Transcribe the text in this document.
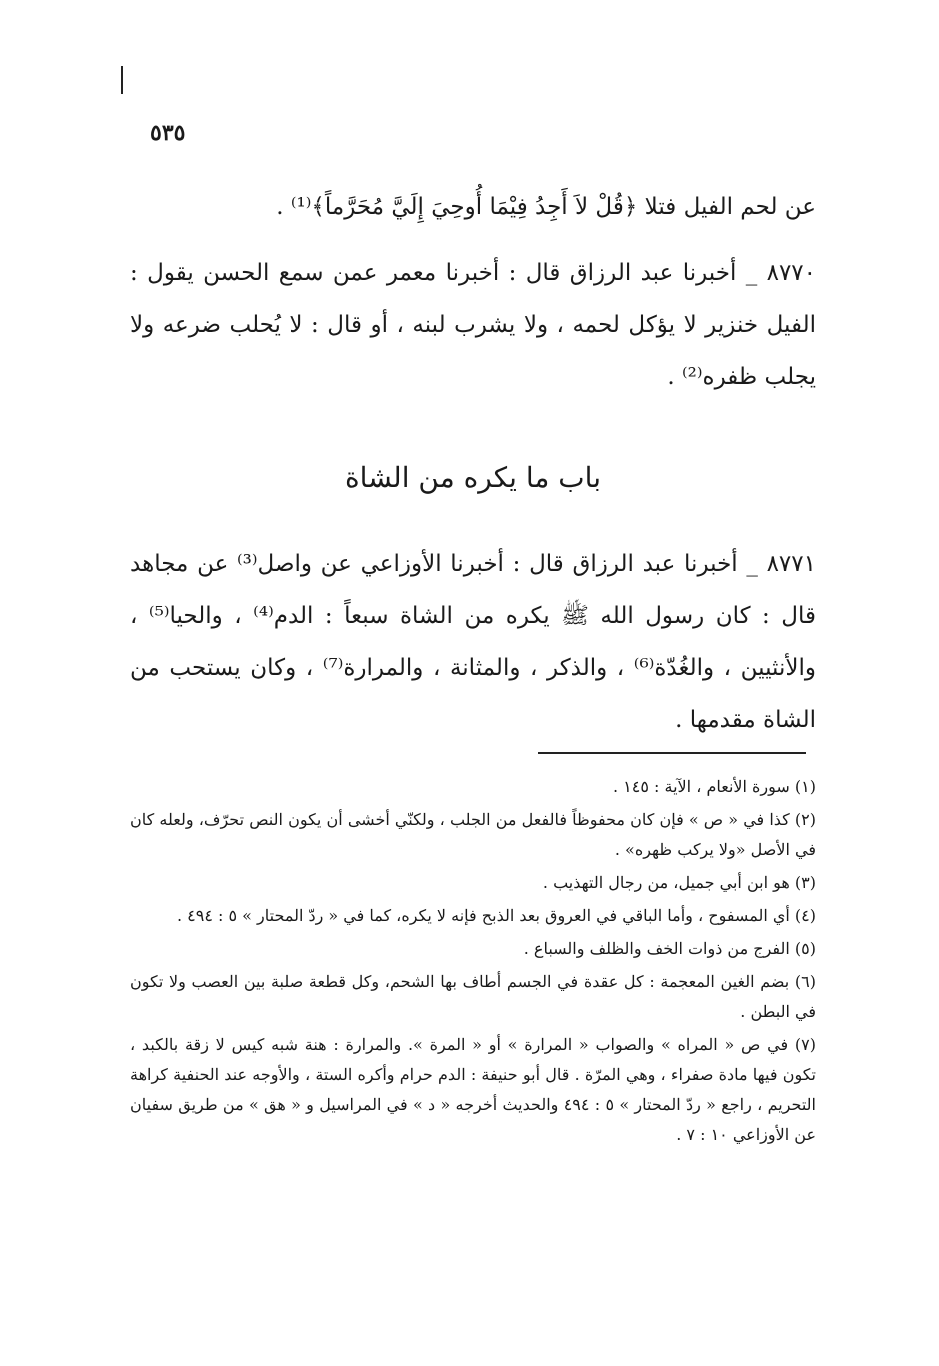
٥٣٥

عن لحم الفيل فتلا ﴿قُلْ لاَ أَجِدُ فِيْمَا أُوحِيَ إِلَيَّ مُحَرَّماً﴾⁽¹⁾ .

٨٧٧٠ _ أخبرنا عبد الرزاق قال : أخبرنا معمر عمن سمع الحسن يقول : الفيل خنزير لا يؤكل لحمه ، ولا يشرب لبنه ، أو قال : لا يُحلب ضرعه ولا يجلب ظفره⁽²⁾ .

باب ما يكره من الشاة

٨٧٧١ _ أخبرنا عبد الرزاق قال : أخبرنا الأوزاعي عن واصل⁽³⁾ عن مجاهد قال : كان رسول الله ﷺ يكره من الشاة سبعاً : الدم⁽⁴⁾ ، والحيا⁽⁵⁾ ، والأنثيين ، والغُدّة⁽⁶⁾ ، والذكر ، والمثانة ، والمرارة⁽⁷⁾ ، وكان يستحب من الشاة مقدمها .

(١) سورة الأنعام ، الآية : ١٤٥ .

(٢) كذا في « ص » فإن كان محفوظاً فالفعل من الجلب ، ولكنّي أخشى أن يكون النص تحرّف، ولعله كان في الأصل «ولا يركب ظهره» .

(٣) هو ابن أبي جميل، من رجال التهذيب .

(٤) أي المسفوح ، وأما الباقي في العروق بعد الذبح فإنه لا يكره، كما في « ردّ المحتار » ٥ : ٤٩٤ .

(٥) الفرج من ذوات الخف والظلف والسباع .

(٦) بضم الغين المعجمة : كل عقدة في الجسم أطاف بها الشحم، وكل قطعة صلبة بين العصب ولا تكون في البطن .

(٧) في ص « المراه » والصواب « المرارة » أو « المرة ». والمرارة : هنة شبه كيس لا زقة بالكبد ، تكون فيها مادة صفراء ، وهي المرّة . قال أبو حنيفة : الدم حرام وأكره الستة ، والأوجه عند الحنفية كراهة التحريم ، راجع « ردّ المحتار » ٥ : ٤٩٤ والحديث أخرجه « د » في المراسيل و « هق » من طريق سفيان عن الأوزاعي ١٠ : ٧ .
